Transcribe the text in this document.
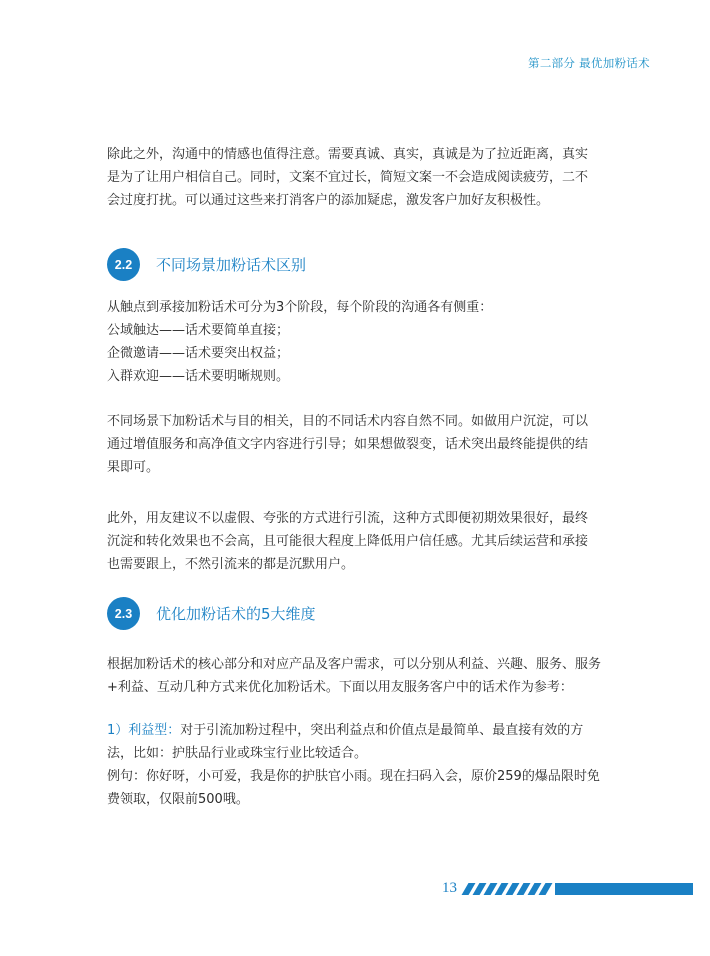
第二部分 最优加粉话术

除此之外，沟通中的情感也值得注意。需要真诚、真实，真诚是为了拉近距离，真实
是为了让用户相信自己。同时，文案不宜过长，简短文案一不会造成阅读疲劳，二不
会过度打扰。可以通过这些来打消客户的添加疑虑，激发客户加好友积极性。

2.2	不同场景加粉话术区别

从触点到承接加粉话术可分为3个阶段，每个阶段的沟通各有侧重：
公域触达——话术要简单直接；
企微邀请——话术要突出权益；
入群欢迎——话术要明晰规则。

不同场景下加粉话术与目的相关，目的不同话术内容自然不同。如做用户沉淀，可以
通过增值服务和高净值文字内容进行引导；如果想做裂变，话术突出最终能提供的结
果即可。

此外，用友建议不以虚假、夸张的方式进行引流，这种方式即便初期效果很好，最终
沉淀和转化效果也不会高，且可能很大程度上降低用户信任感。尤其后续运营和承接
也需要跟上，不然引流来的都是沉默用户。

2.3	优化加粉话术的5大维度

根据加粉话术的核心部分和对应产品及客户需求，可以分别从利益、兴趣、服务、服务
+利益、互动几种方式来优化加粉话术。下面以用友服务客户中的话术作为参考：

1）利益型：对于引流加粉过程中，突出利益点和价值点是最简单、最直接有效的方
法，比如：护肤品行业或珠宝行业比较适合。
例句：你好呀，小可爱，我是你的护肤官小雨。现在扫码入会，原价259的爆品限时免
费领取，仅限前500哦。

13
